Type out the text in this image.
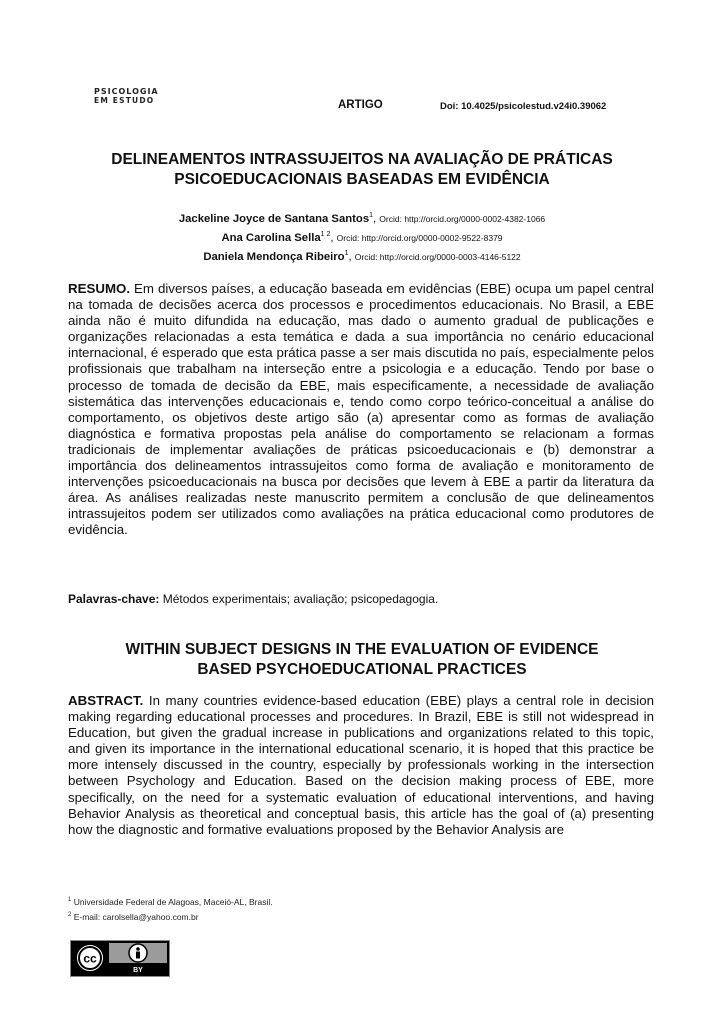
PSICOLOGIA
EM ESTUDO	ARTIGO	Doi: 10.4025/psicolestud.v24i0.39062
DELINEAMENTOS INTRASSUJEITOS NA AVALIAÇÃO DE PRÁTICAS
PSICOEDUCACIONAIS BASEADAS EM EVIDÊNCIA
Jackeline Joyce de Santana Santos$^1$, Orcid: http://orcid.org/0000-0002-4382-1066
Ana Carolina Sella$^{1 2}$, Orcid: http://orcid.org/0000-0002-9522-8379
Daniela Mendonça Ribeiro$^1$, Orcid: http://orcid.org/0000-0003-4146-5122
RESUMO. Em diversos países, a educação baseada em evidências (EBE) ocupa um papel central na tomada de decisões acerca dos processos e procedimentos educacionais. No Brasil, a EBE ainda não é muito difundida na educação, mas dado o aumento gradual de publicações e organizações relacionadas a esta temática e dada a sua importância no cenário educacional internacional, é esperado que esta prática passe a ser mais discutida no país, especialmente pelos profissionais que trabalham na interseção entre a psicologia e a educação. Tendo por base o processo de tomada de decisão da EBE, mais especificamente, a necessidade de avaliação sistemática das intervenções educacionais e, tendo como corpo teórico-conceitual a análise do comportamento, os objetivos deste artigo são (a) apresentar como as formas de avaliação diagnóstica e formativa propostas pela análise do comportamento se relacionam a formas tradicionais de implementar avaliações de práticas psicoeducacionais e (b) demonstrar a importância dos delineamentos intrassujeitos como forma de avaliação e monitoramento de intervenções psicoeducacionais na busca por decisões que levem à EBE a partir da literatura da área. As análises realizadas neste manuscrito permitem a conclusão de que delineamentos intrassujeitos podem ser utilizados como avaliações na prática educacional como produtores de evidência.
Palavras-chave: Métodos experimentais; avaliação; psicopedagogia.
WITHIN SUBJECT DESIGNS IN THE EVALUATION OF EVIDENCE
BASED PSYCHOEDUCATIONAL PRACTICES
ABSTRACT. In many countries evidence-based education (EBE) plays a central role in decision making regarding educational processes and procedures. In Brazil, EBE is still not widespread in Education, but given the gradual increase in publications and organizations related to this topic, and given its importance in the international educational scenario, it is hoped that this practice be more intensely discussed in the country, especially by professionals working in the intersection between Psychology and Education. Based on the decision making process of EBE, more specifically, on the need for a systematic evaluation of educational interventions, and having Behavior Analysis as theoretical and conceptual basis, this article has the goal of (a) presenting how the diagnostic and formative evaluations proposed by the Behavior Analysis are
$^1$ Universidade Federal de Alagoas, Maceió-AL, Brasil.
$^2$ E-mail: carolsella@yahoo.com.br
cc
BY
